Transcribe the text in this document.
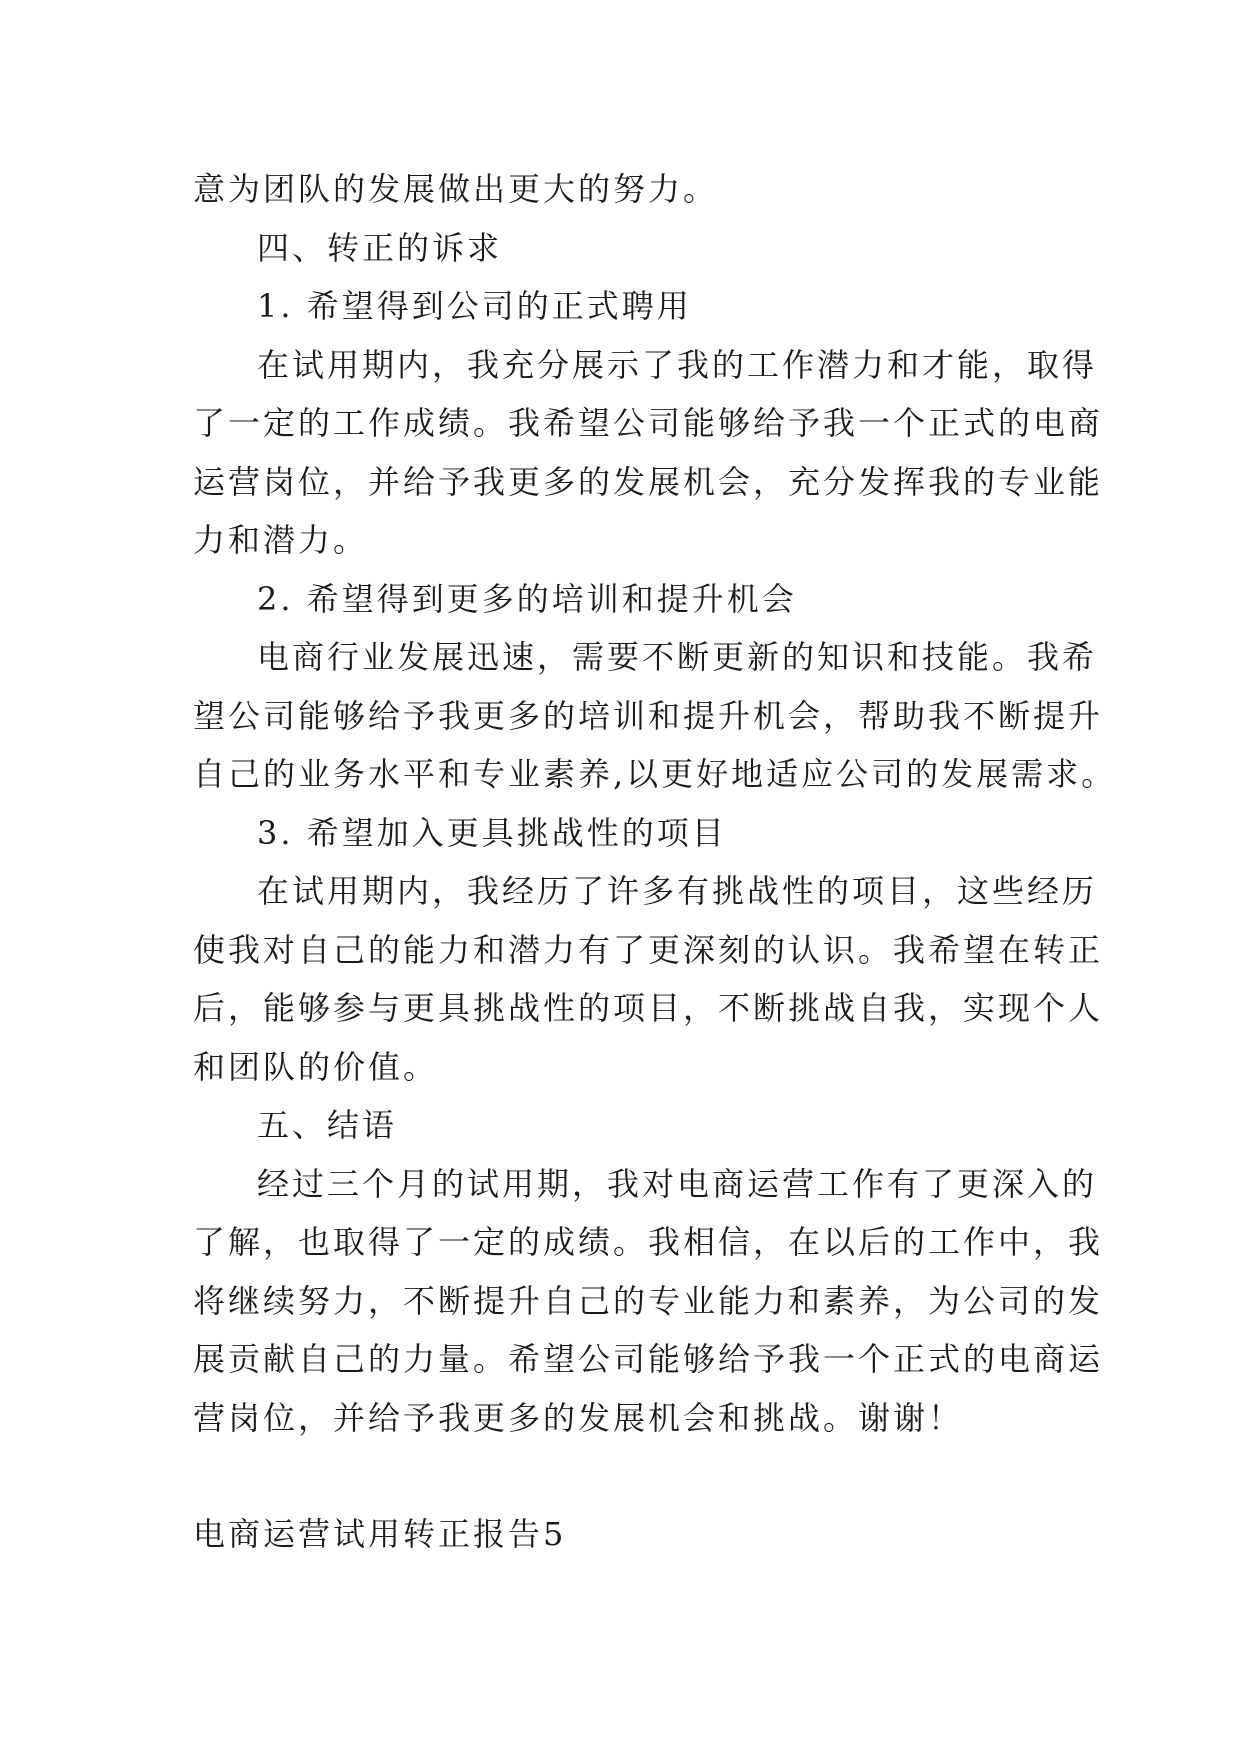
意为团队的发展做出更大的努力。
四、转正的诉求
1. 希望得到公司的正式聘用
在试用期内，我充分展示了我的工作潜力和才能，取得
了一定的工作成绩。我希望公司能够给予我一个正式的电商
运营岗位，并给予我更多的发展机会，充分发挥我的专业能
力和潜力。
2. 希望得到更多的培训和提升机会
电商行业发展迅速，需要不断更新的知识和技能。我希
望公司能够给予我更多的培训和提升机会，帮助我不断提升
自己的业务水平和专业素养,以更好地适应公司的发展需求。
3. 希望加入更具挑战性的项目
在试用期内，我经历了许多有挑战性的项目，这些经历
使我对自己的能力和潜力有了更深刻的认识。我希望在转正
后，能够参与更具挑战性的项目，不断挑战自我，实现个人
和团队的价值。
五、结语
经过三个月的试用期，我对电商运营工作有了更深入的
了解，也取得了一定的成绩。我相信，在以后的工作中，我
将继续努力，不断提升自己的专业能力和素养，为公司的发
展贡献自己的力量。希望公司能够给予我一个正式的电商运
营岗位，并给予我更多的发展机会和挑战。谢谢！
电商运营试用转正报告5
